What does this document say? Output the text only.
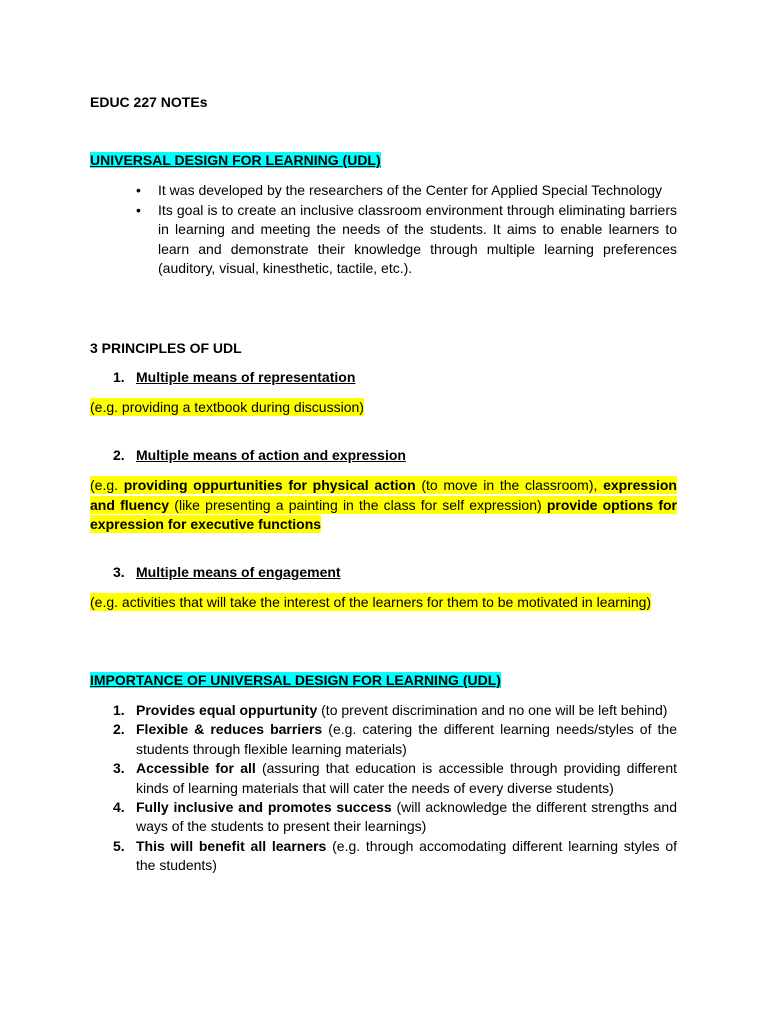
EDUC 227 NOTEs
UNIVERSAL DESIGN FOR LEARNING (UDL)
• It was developed by the researchers of the Center for Applied Special Technology
• Its goal is to create an inclusive classroom environment through eliminating barriers in learning and meeting the needs of the students. It aims to enable learners to learn and demonstrate their knowledge through multiple learning preferences (auditory, visual, kinesthetic, tactile, etc.).
3 PRINCIPLES OF UDL
1. Multiple means of representation
(e.g. providing a textbook during discussion)
2. Multiple means of action and expression
(e.g. providing oppurtunities for physical action (to move in the classroom), expression and fluency (like presenting a painting in the class for self expression) provide options for expression for executive functions
3. Multiple means of engagement
(e.g. activities that will take the interest of the learners for them to be motivated in learning)
IMPORTANCE OF UNIVERSAL DESIGN FOR LEARNING (UDL)
1. Provides equal oppurtunity (to prevent discrimination and no one will be left behind)
2. Flexible & reduces barriers (e.g. catering the different learning needs/styles of the students through flexible learning materials)
3. Accessible for all (assuring that education is accessible through providing different kinds of learning materials that will cater the needs of every diverse students)
4. Fully inclusive and promotes success (will acknowledge the different strengths and ways of the students to present their learnings)
5. This will benefit all learners (e.g. through accomodating different learning styles of the students)
